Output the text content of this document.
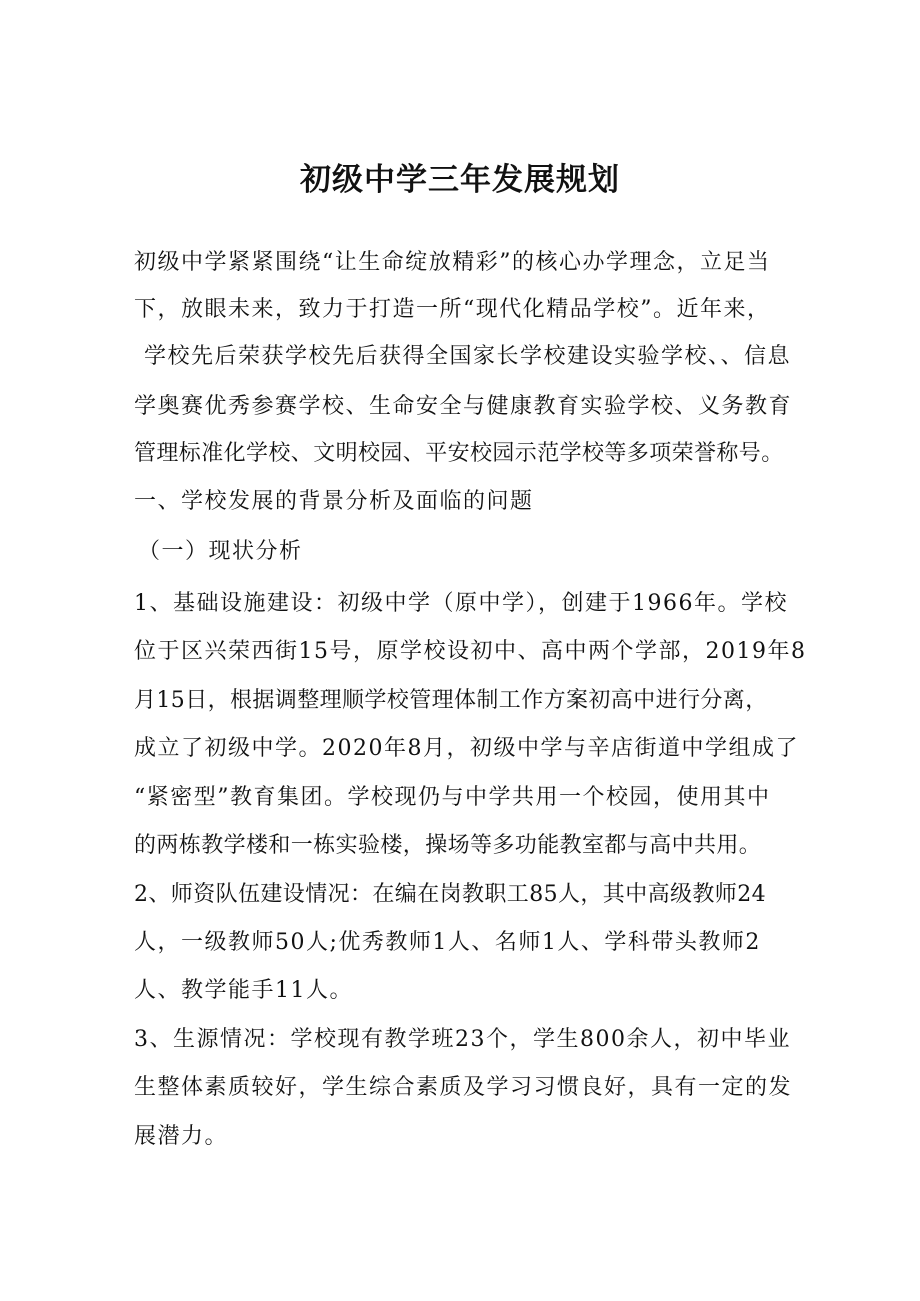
初级中学三年发展规划
初级中学紧紧围绕“让生命绽放精彩”的核心办学理念，立足当
下，放眼未来，致力于打造一所“现代化精品学校”。近年来，
学校先后荣获学校先后获得全国家长学校建设实验学校、、信息
学奥赛优秀参赛学校、生命安全与健康教育实验学校、义务教育
管理标准化学校、文明校园、平安校园示范学校等多项荣誉称号。
一、学校发展的背景分析及面临的问题
（一）现状分析
1、基础设施建设：初级中学（原中学），创建于1966年。学校
位于区兴荣西街15号，原学校设初中、高中两个学部，2019年8
月15日，根据调整理顺学校管理体制工作方案初高中进行分离，
成立了初级中学。2020年8月，初级中学与辛店街道中学组成了
“紧密型”教育集团。学校现仍与中学共用一个校园，使用其中
的两栋教学楼和一栋实验楼，操场等多功能教室都与高中共用。
2、师资队伍建设情况：在编在岗教职工85人，其中高级教师24
人，一级教师50人;优秀教师1人、名师1人、学科带头教师2
人、教学能手11人。
3、生源情况：学校现有教学班23个，学生800余人，初中毕业
生整体素质较好，学生综合素质及学习习惯良好，具有一定的发
展潜力。
